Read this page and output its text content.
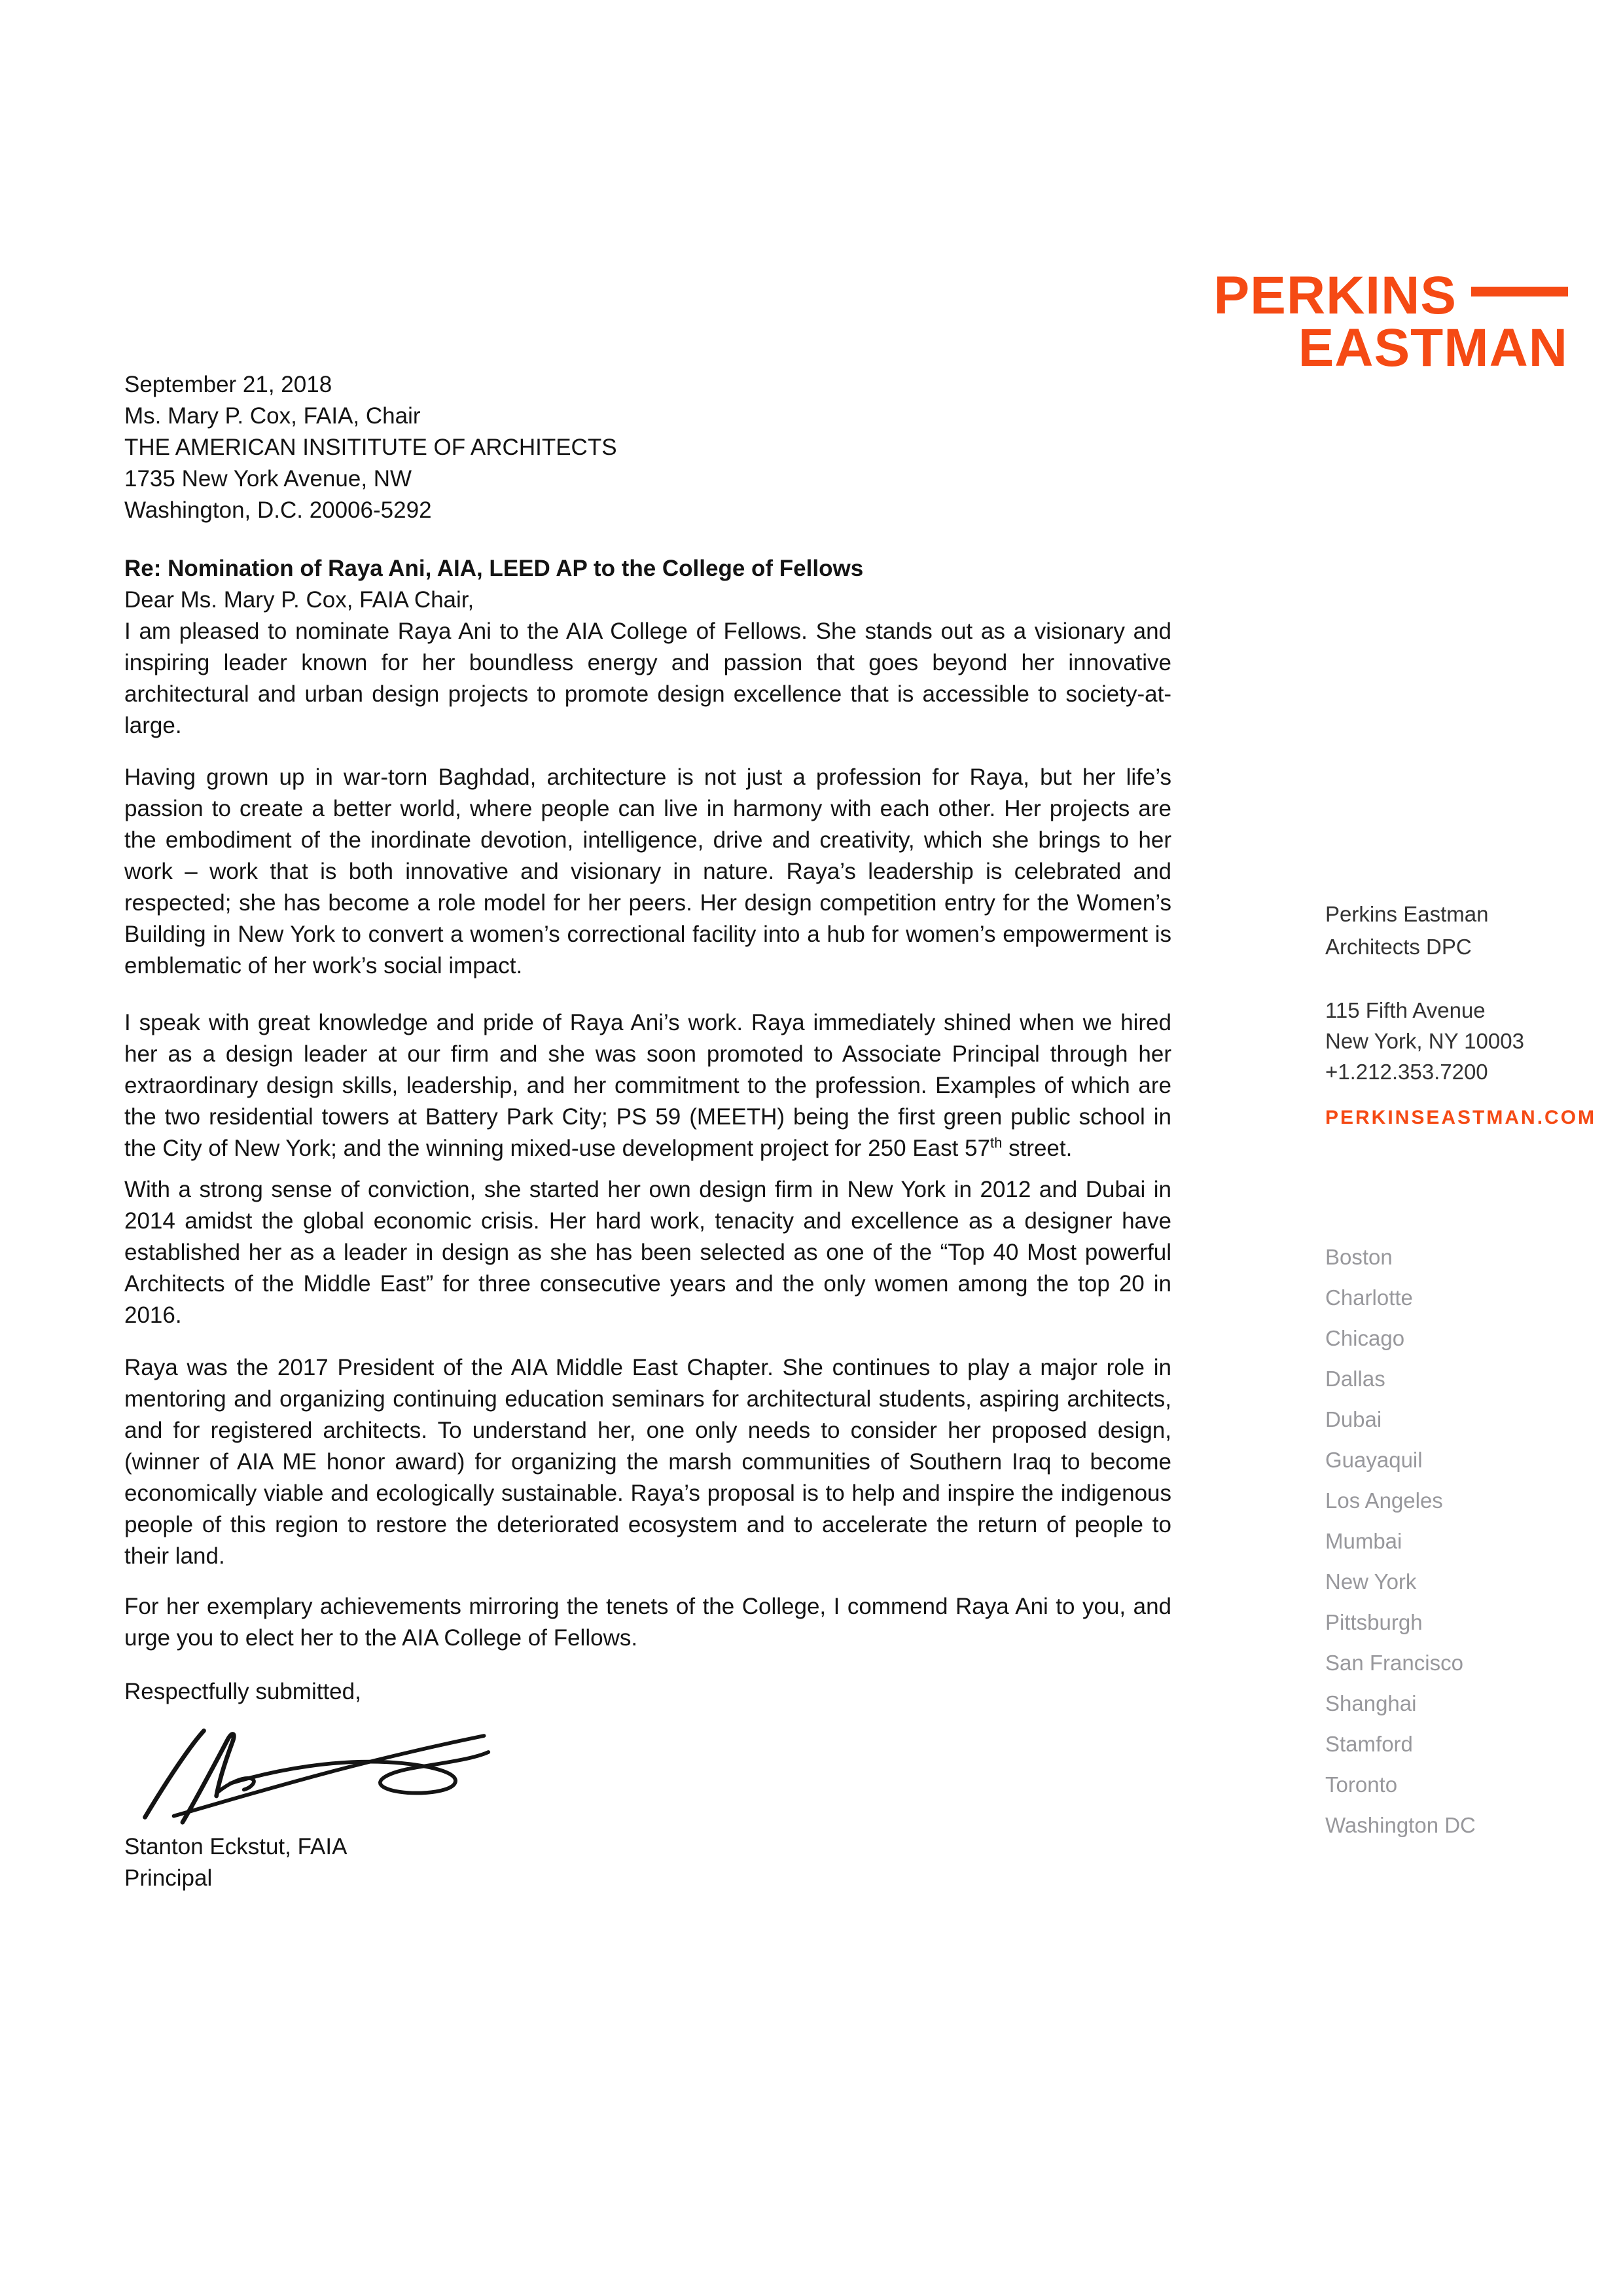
PERKINS
EASTMAN

September 21, 2018

Ms. Mary P. Cox, FAIA, Chair

THE AMERICAN INSITITUTE OF ARCHITECTS

1735 New York Avenue, NW

Washington, D.C. 20006-5292

Re: Nomination of Raya Ani, AIA, LEED AP to the College of Fellows

Dear Ms. Mary P. Cox, FAIA Chair,

I am pleased to nominate Raya Ani to the AIA College of Fellows. She stands out as a visionary and inspiring leader known for her boundless energy and passion that goes beyond her innovative architectural and urban design projects to promote design excellence that is accessible to society-at-large.

Having grown up in war-torn Baghdad, architecture is not just a profession for Raya, but her life’s passion to create a better world, where people can live in harmony with each other. Her projects are the embodiment of the inordinate devotion, intelligence, drive and creativity, which she brings to her work – work that is both innovative and visionary in nature. Raya’s leadership is celebrated and respected; she has become a role model for her peers. Her design competition entry for the Women’s Building in New York to convert a women’s correctional facility into a hub for women’s empowerment is emblematic of her work’s social impact.

I speak with great knowledge and pride of Raya Ani’s work. Raya immediately shined when we hired her as a design leader at our firm and she was soon promoted to Associate Principal through her extraordinary design skills, leadership, and her commitment to the profession. Examples of which are the two residential towers at Battery Park City; PS 59 (MEETH) being the first green public school in the City of New York; and the winning mixed-use development project for 250 East 57th street.

With a strong sense of conviction, she started her own design firm in New York in 2012 and Dubai in 2014 amidst the global economic crisis. Her hard work, tenacity and excellence as a designer have established her as a leader in design as she has been selected as one of the “Top 40 Most powerful Architects of the Middle East” for three consecutive years and the only women among the top 20 in 2016.

Raya was the 2017 President of the AIA Middle East Chapter. She continues to play a major role in mentoring and organizing continuing education seminars for architectural students, aspiring architects, and for registered architects. To understand her, one only needs to consider her proposed design, (winner of AIA ME honor award) for organizing the marsh communities of Southern Iraq to become economically viable and ecologically sustainable. Raya’s proposal is to help and inspire the indigenous people of this region to restore the deteriorated ecosystem and to accelerate the return of people to their land.

For her exemplary achievements mirroring the tenets of the College, I commend Raya Ani to you, and urge you to elect her to the AIA College of Fellows.

Respectfully submitted,

Stanton Eckstut, FAIA

Principal

Perkins Eastman

Architects DPC

115 Fifth Avenue

New York, NY 10003

+1.212.353.7200

PERKINSEASTMAN.COM

Boston
Charlotte
Chicago
Dallas
Dubai
Guayaquil
Los Angeles
Mumbai
New York
Pittsburgh
San Francisco
Shanghai
Stamford
Toronto
Washington DC
